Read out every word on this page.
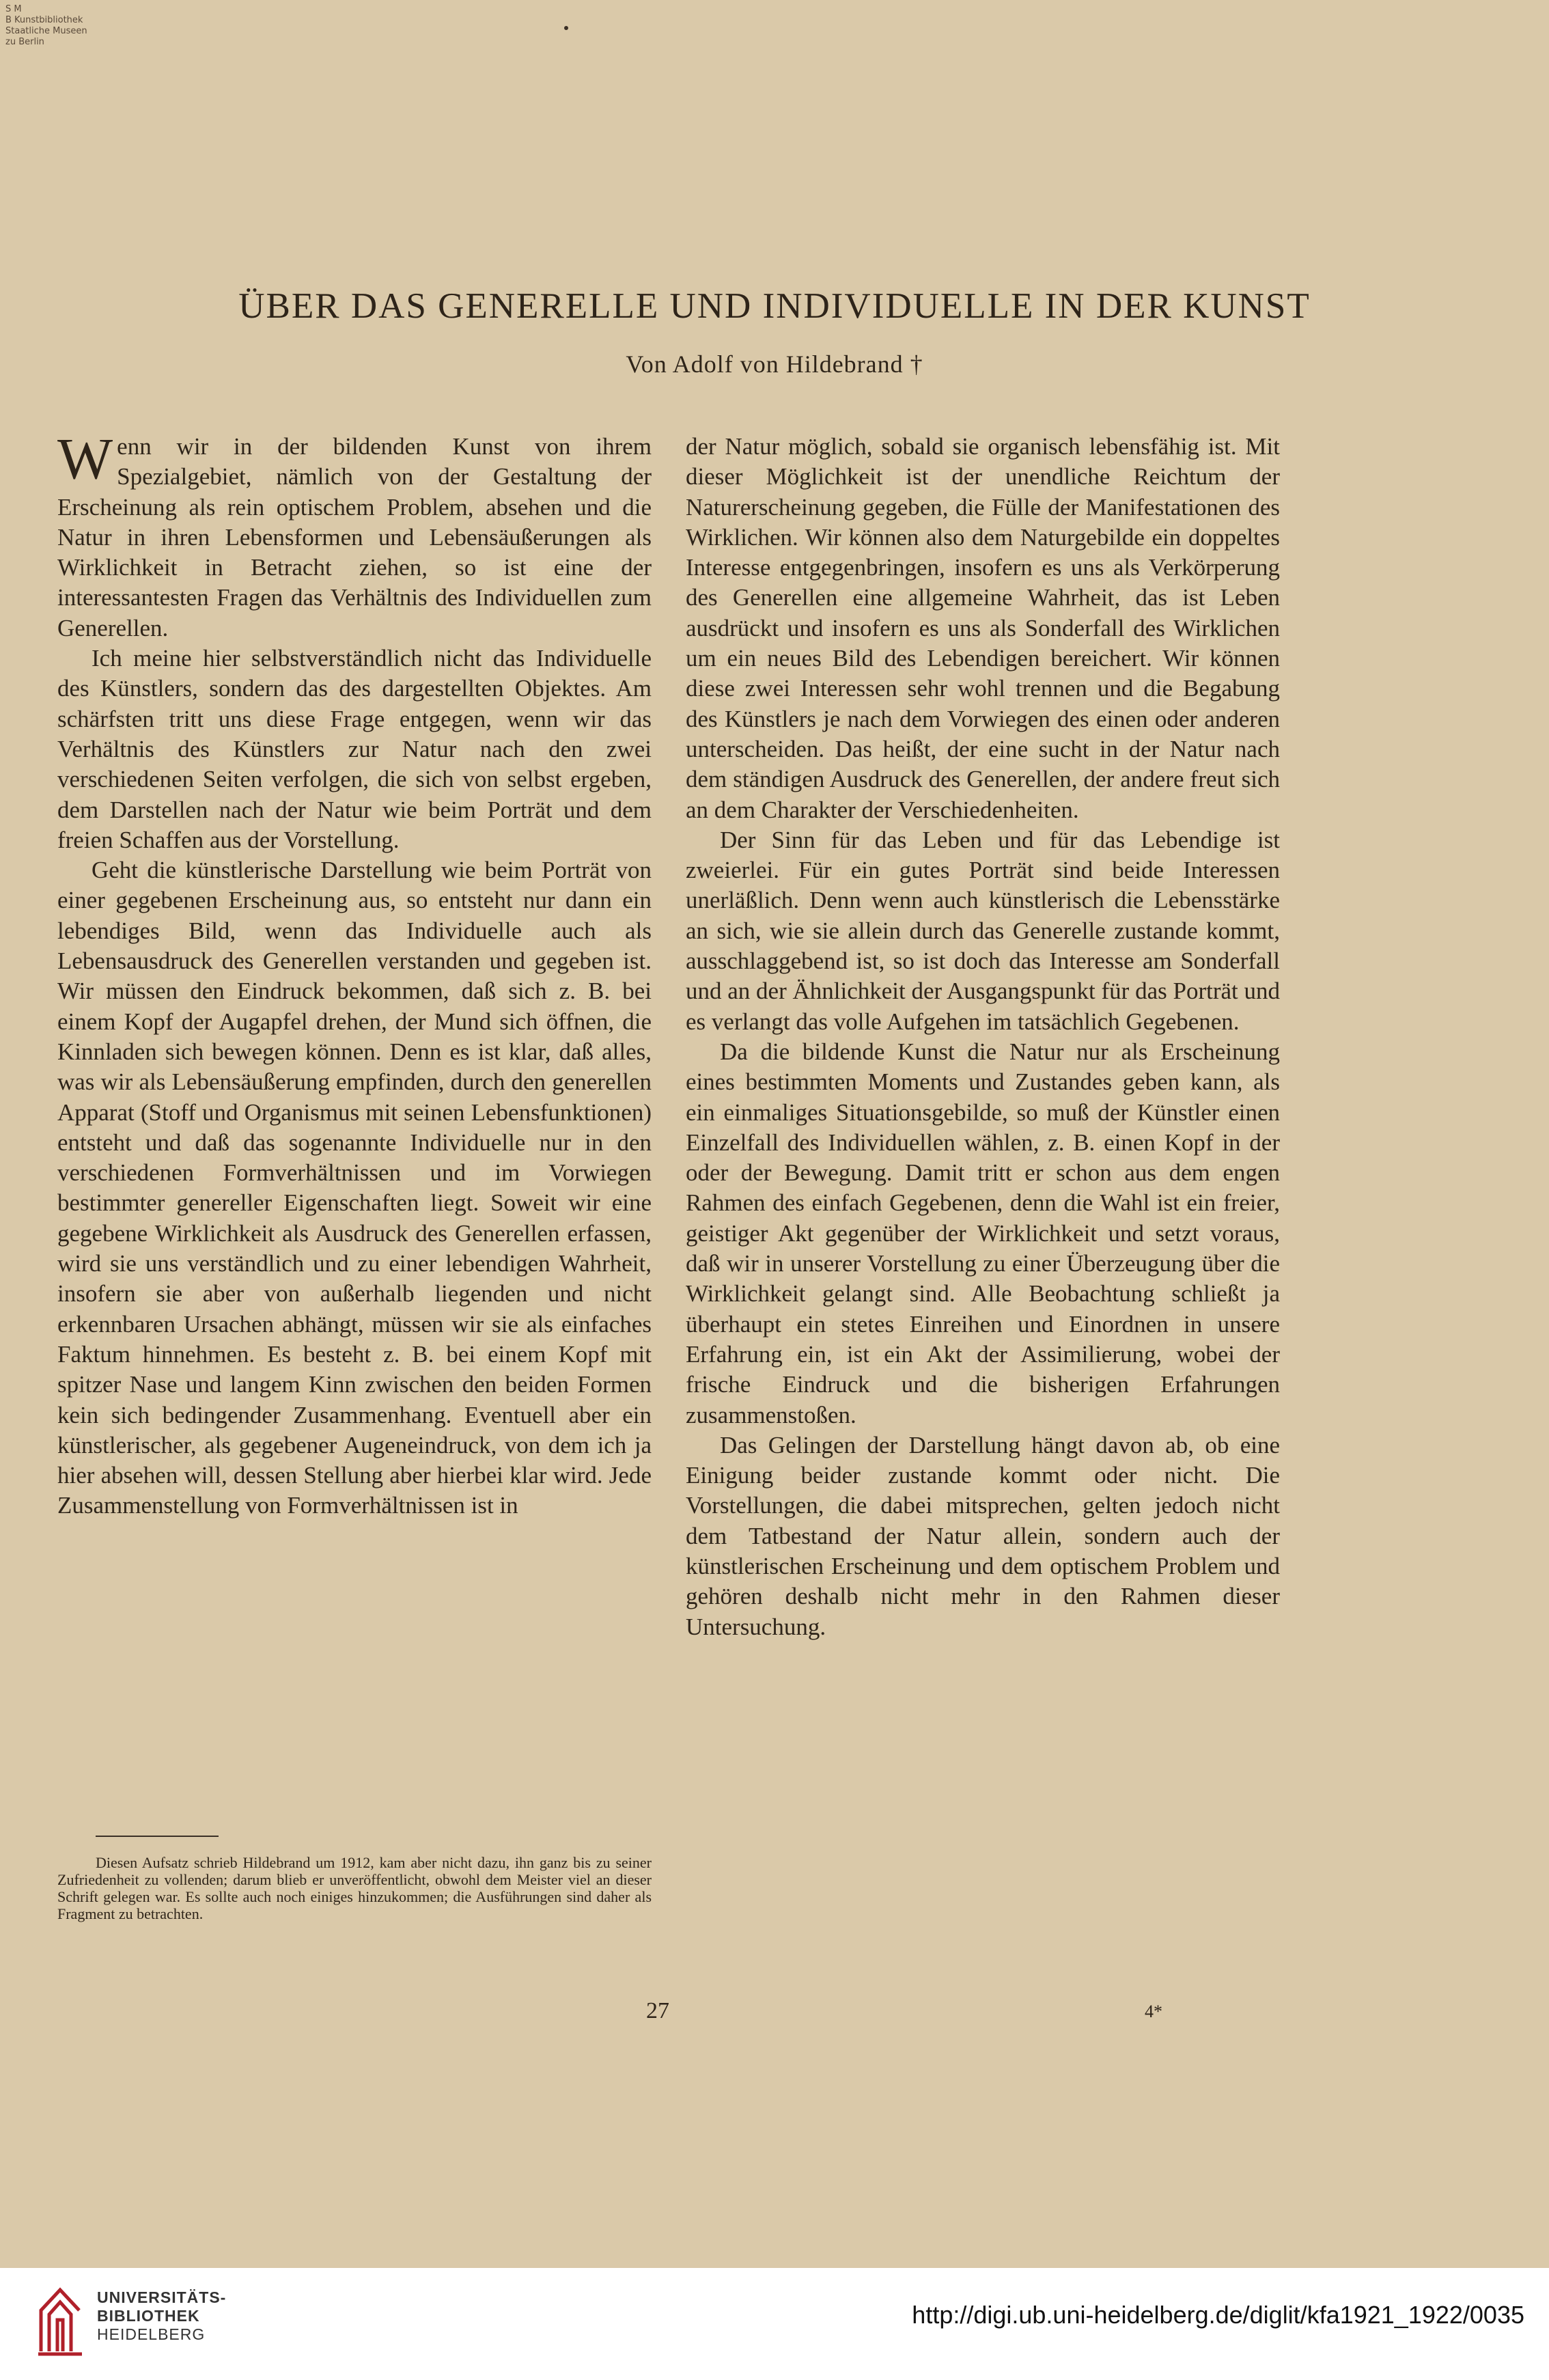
S M
B Kunstbibliothek
Staatliche Museen
zu Berlin
ÜBER DAS GENERELLE UND INDIVIDUELLE IN DER KUNST
Von Adolf von Hildebrand †

Wenn wir in der bildenden Kunst von ihrem Spezialgebiet, nämlich von der Gestaltung der Erscheinung als rein optischem Problem, absehen und die Natur in ihren Lebensformen und Lebensäußerungen als Wirklichkeit in Betracht ziehen, so ist eine der interessantesten Fragen das Verhältnis des Individuellen zum Generellen.

Ich meine hier selbstverständlich nicht das Individuelle des Künstlers, sondern das des dargestellten Objektes. Am schärfsten tritt uns diese Frage entgegen, wenn wir das Verhältnis des Künstlers zur Natur nach den zwei verschiedenen Seiten verfolgen, die sich von selbst ergeben, dem Darstellen nach der Natur wie beim Porträt und dem freien Schaffen aus der Vorstellung.

Geht die künstlerische Darstellung wie beim Porträt von einer gegebenen Erscheinung aus, so entsteht nur dann ein lebendiges Bild, wenn das Individuelle auch als Lebensausdruck des Generellen verstanden und gegeben ist. Wir müssen den Eindruck bekommen, daß sich z. B. bei einem Kopf der Augapfel drehen, der Mund sich öffnen, die Kinnladen sich bewegen können. Denn es ist klar, daß alles, was wir als Lebensäußerung empfinden, durch den generellen Apparat (Stoff und Organismus mit seinen Lebensfunktionen) entsteht und daß das sogenannte Individuelle nur in den verschiedenen Formverhältnissen und im Vorwiegen bestimmter genereller Eigenschaften liegt. Soweit wir eine gegebene Wirklichkeit als Ausdruck des Generellen erfassen, wird sie uns verständlich und zu einer lebendigen Wahrheit, insofern sie aber von außerhalb liegenden und nicht erkennbaren Ursachen abhängt, müssen wir sie als einfaches Faktum hinnehmen. Es besteht z. B. bei einem Kopf mit spitzer Nase und langem Kinn zwischen den beiden Formen kein sich bedingender Zusammenhang. Eventuell aber ein künstlerischer, als gegebener Augeneindruck, von dem ich ja hier absehen will, dessen Stellung aber hierbei klar wird. Jede Zusammenstellung von Formverhältnissen ist in

der Natur möglich, sobald sie organisch lebensfähig ist. Mit dieser Möglichkeit ist der unendliche Reichtum der Naturerscheinung gegeben, die Fülle der Manifestationen des Wirklichen. Wir können also dem Naturgebilde ein doppeltes Interesse entgegenbringen, insofern es uns als Verkörperung des Generellen eine allgemeine Wahrheit, das ist Leben ausdrückt und insofern es uns als Sonderfall des Wirklichen um ein neues Bild des Lebendigen bereichert. Wir können diese zwei Interessen sehr wohl trennen und die Begabung des Künstlers je nach dem Vorwiegen des einen oder anderen unterscheiden. Das heißt, der eine sucht in der Natur nach dem ständigen Ausdruck des Generellen, der andere freut sich an dem Charakter der Verschiedenheiten.

Der Sinn für das Leben und für das Lebendige ist zweierlei. Für ein gutes Porträt sind beide Interessen unerläßlich. Denn wenn auch künstlerisch die Lebensstärke an sich, wie sie allein durch das Generelle zustande kommt, ausschlaggebend ist, so ist doch das Interesse am Sonderfall und an der Ähnlichkeit der Ausgangspunkt für das Porträt und es verlangt das volle Aufgehen im tatsächlich Gegebenen.

Da die bildende Kunst die Natur nur als Erscheinung eines bestimmten Moments und Zustandes geben kann, als ein einmaliges Situationsgebilde, so muß der Künstler einen Einzelfall des Individuellen wählen, z. B. einen Kopf in der oder der Bewegung. Damit tritt er schon aus dem engen Rahmen des einfach Gegebenen, denn die Wahl ist ein freier, geistiger Akt gegenüber der Wirklichkeit und setzt voraus, daß wir in unserer Vorstellung zu einer Überzeugung über die Wirklichkeit gelangt sind. Alle Beobachtung schließt ja überhaupt ein stetes Einreihen und Einordnen in unsere Erfahrung ein, ist ein Akt der Assimilierung, wobei der frische Eindruck und die bisherigen Erfahrungen zusammenstoßen.

Das Gelingen der Darstellung hängt davon ab, ob eine Einigung beider zustande kommt oder nicht. Die Vorstellungen, die dabei mitsprechen, gelten jedoch nicht dem Tatbestand der Natur allein, sondern auch der künstlerischen Erscheinung und dem optischem Problem und gehören deshalb nicht mehr in den Rahmen dieser Untersuchung.

Diesen Aufsatz schrieb Hildebrand um 1912, kam aber nicht dazu, ihn ganz bis zu seiner Zufriedenheit zu vollenden; darum blieb er unveröffentlicht, obwohl dem Meister viel an dieser Schrift gelegen war. Es sollte auch noch einiges hinzukommen; die Ausführungen sind daher als Fragment zu betrachten.
27	4*
UNIVERSITÄTS-
BIBLIOTHEK
HEIDELBERG
http://digi.ub.uni-heidelberg.de/diglit/kfa1921_1922/0035
